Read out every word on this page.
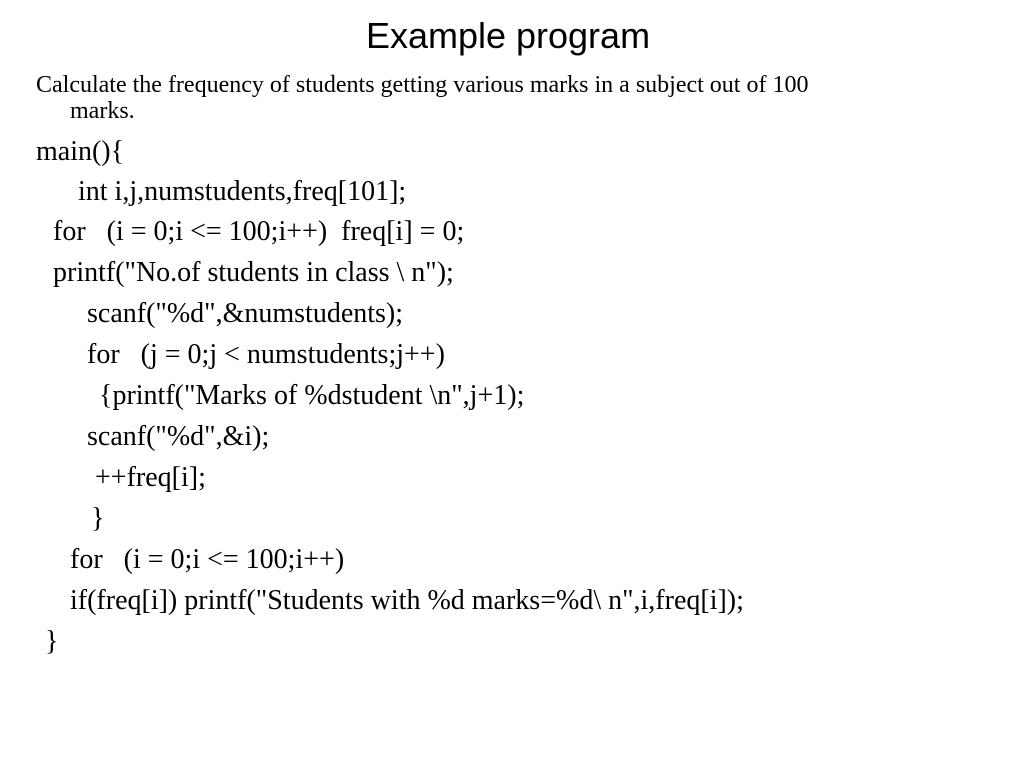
Example program
Calculate the frequency of students getting various marks in a subject out of 100
marks.
main(){
int i,j,numstudents,freq[101];
for   (i = 0;i <= 100;i++)  freq[i] = 0;
printf("No.of students in class \ n");
scanf("%d",&numstudents);
for   (j = 0;j < numstudents;j++)
{printf("Marks of %dstudent \n",j+1);
scanf("%d",&i);
++freq[i];
}
for   (i = 0;i <= 100;i++)
if(freq[i]) printf("Students with %d marks=%d\ n",i,freq[i]);
}
